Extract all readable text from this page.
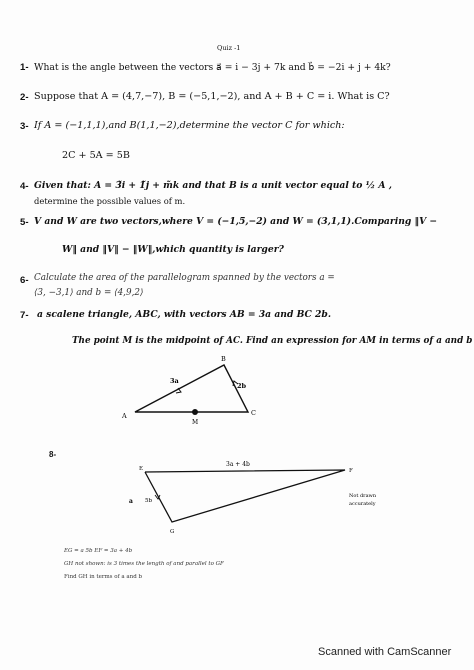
Quiz -1
1- What is the angle between the vectors a⃗ = i − 3j + 7k and b⃗ = −2i + j + 4k?
2- Suppose that A = (4,7,−7), B = (−5,1,−2), and A + B + C = i. What is C?
3- If A = (−1,1,1),and B(1,1,−2),determine the vector C for which:
2C + 5A = 5B
4- Given that: A = 3̃i + 1̃j + m̃k and that B is a unit vector equal to ½ A ,
determine the possible values of m.
5- V and W are two vectors,where V = (−1,5,−2) and W = (3,1,1).Comparing ‖V −
W‖ and ‖V‖ − ‖W‖,which quantity is larger?
6- Calculate the area of the parallelogram spanned by the vectors a =
⟨3, −3,1⟩ and b = ⟨4,9,2⟩
7- a scalene triangle, ABC, with vectors AB = 3a and BC 2b.
The point M is the midpoint of AC. Find an expression for AM in terms of a and b
A
B
C
M
3a
2b
8-
E	F
G
3a + 4b
a 5b
Not drawn
accurately
EG = a 5b EF = 3a + 4b
GH not shown: is 3 times the length of and parallel to GF
Find GH in terms of a and b
Scanned with CamScanner
